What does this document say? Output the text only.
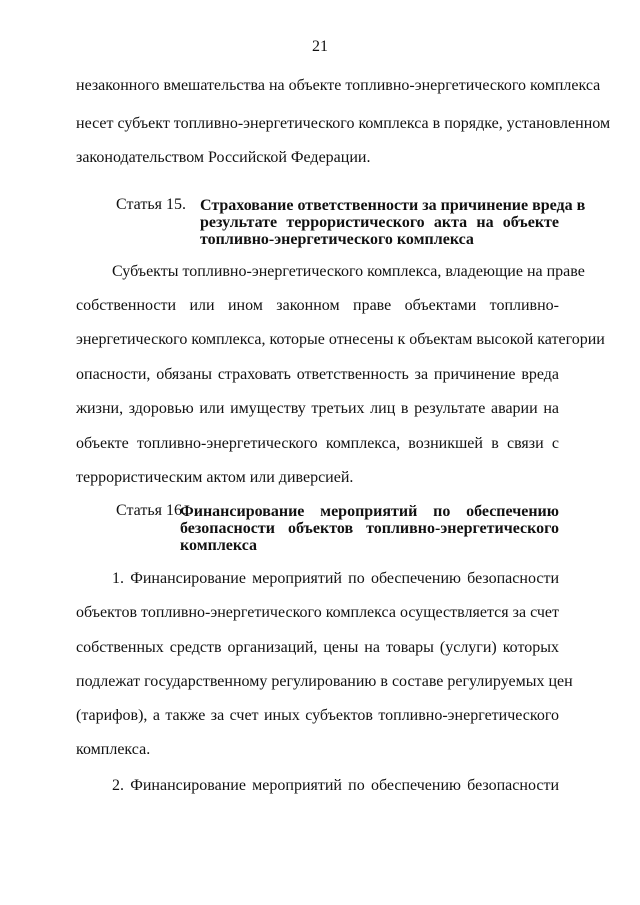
21
незаконного вмешательства на объекте топливно-энергетического комплекса
несет субъект топливно-энергетического комплекса в порядке, установленном
законодательством Российской Федерации.
Статья 15. Страхование ответственности за причинение вреда в
результате террористического акта на объекте
топливно-энергетического комплекса
Субъекты топливно-энергетического комплекса, владеющие на праве
собственности или ином законном праве объектами топливно-
энергетического комплекса, которые отнесены к объектам высокой категории
опасности, обязаны страховать ответственность за причинение вреда
жизни, здоровью или имуществу третьих лиц в результате аварии на
объекте топливно-энергетического комплекса, возникшей в связи с
террористическим актом или диверсией.
Статья 16.
Финансирование мероприятий по обеспечению
безопасности объектов топливно-энергетического
комплекса
1. Финансирование мероприятий по обеспечению безопасности
объектов топливно-энергетического комплекса осуществляется за счет
собственных средств организаций, цены на товары (услуги) которых
подлежат государственному регулированию в составе регулируемых цен
(тарифов), а также за счет иных субъектов топливно-энергетического
комплекса.
2. Финансирование мероприятий по обеспечению безопасности
